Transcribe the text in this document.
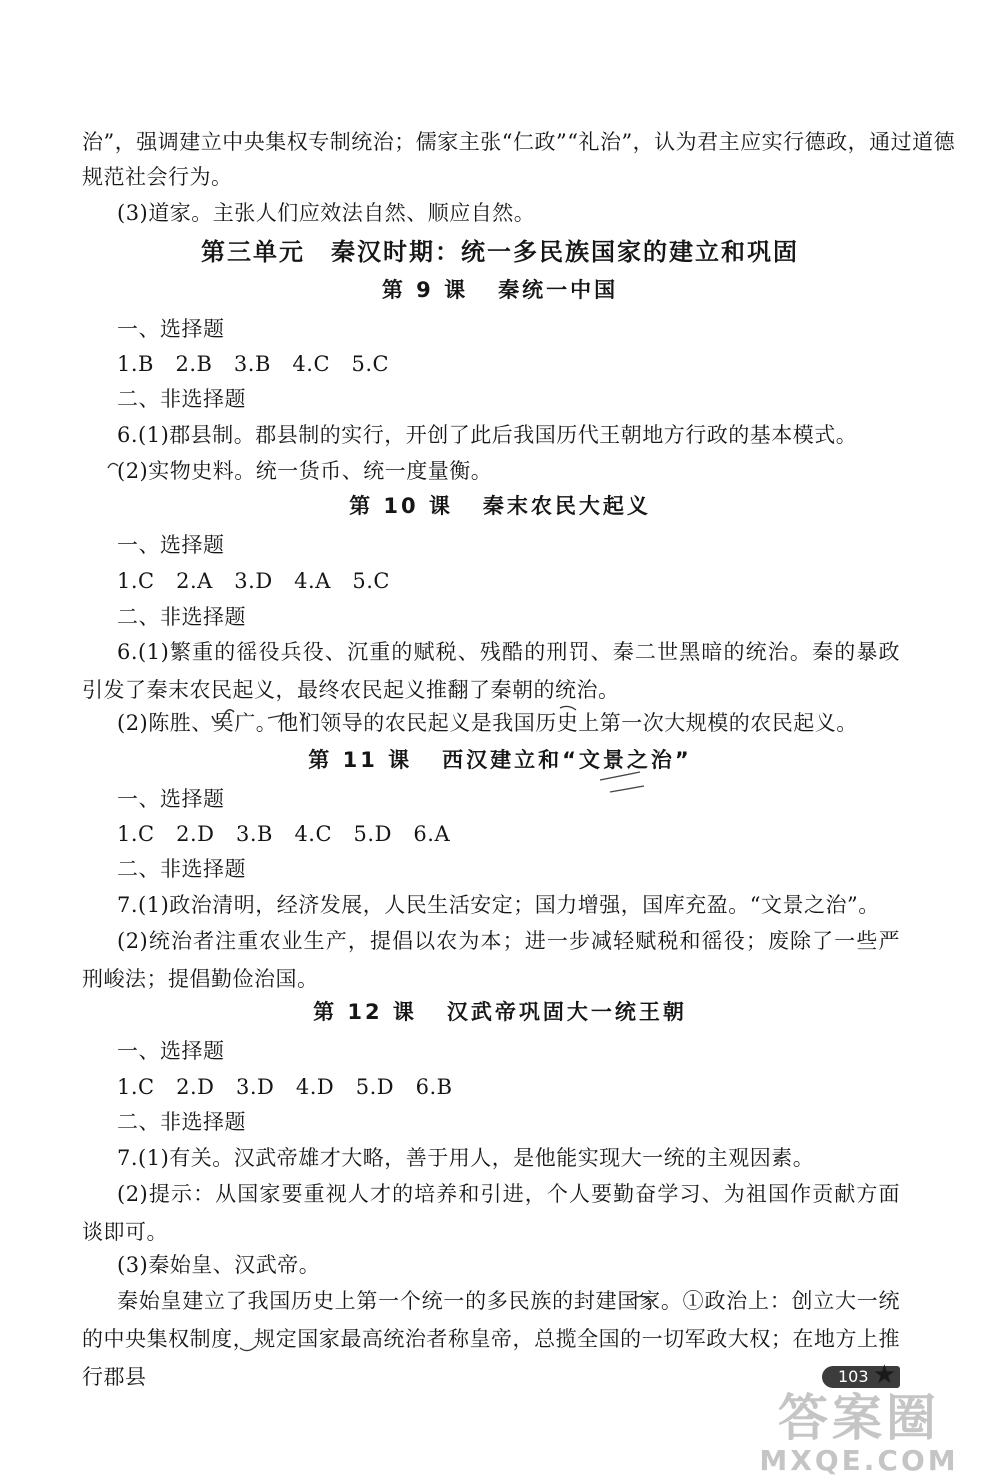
治”，强调建立中央集权专制统治；儒家主张“仁政”“礼治”，认为君主应实行德政，通过道德
规范社会行为。
(3)道家。主张人们应效法自然、顺应自然。
第三单元　秦汉时期：统一多民族国家的建立和巩固
第 9 课 秦统一中国
一、选择题
1.B　2.B　3.B　4.C　5.C
二、非选择题
6.(1)郡县制。郡县制的实行，开创了此后我国历代王朝地方行政的基本模式。
(2)实物史料。统一货币、统一度量衡。
第 10 课 秦末农民大起义
一、选择题
1.C　2.A　3.D　4.A　5.C
二、非选择题
6.(1)繁重的徭役兵役、沉重的赋税、残酷的刑罚、秦二世黑暗的统治。秦的暴政引发了秦末农民起义，最终农民起义推翻了秦朝的统治。
(2)陈胜、吴广。他们领导的农民起义是我国历史上第一次大规模的农民起义。
第 11 课 西汉建立和“文景之治”
一、选择题
1.C　2.D　3.B　4.C　5.D　6.A
二、非选择题
7.(1)政治清明，经济发展，人民生活安定；国力增强，国库充盈。“文景之治”。
(2)统治者注重农业生产，提倡以农为本；进一步减轻赋税和徭役；废除了一些严刑峻法；提倡勤俭治国。
第 12 课 汉武帝巩固大一统王朝
一、选择题
1.C　2.D　3.D　4.D　5.D　6.B
二、非选择题
7.(1)有关。汉武帝雄才大略，善于用人，是他能实现大一统的主观因素。
(2)提示：从国家要重视人才的培养和引进，个人要勤奋学习、为祖国作贡献方面谈即可。
(3)秦始皇、汉武帝。
秦始皇建立了我国历史上第一个统一的多民族的封建国家。①政治上：创立大一统的中央集权制度，规定国家最高统治者称皇帝，总揽全国的一切军政大权；在地方上推行郡县	103 ★
答案圈
MXQE.COM
